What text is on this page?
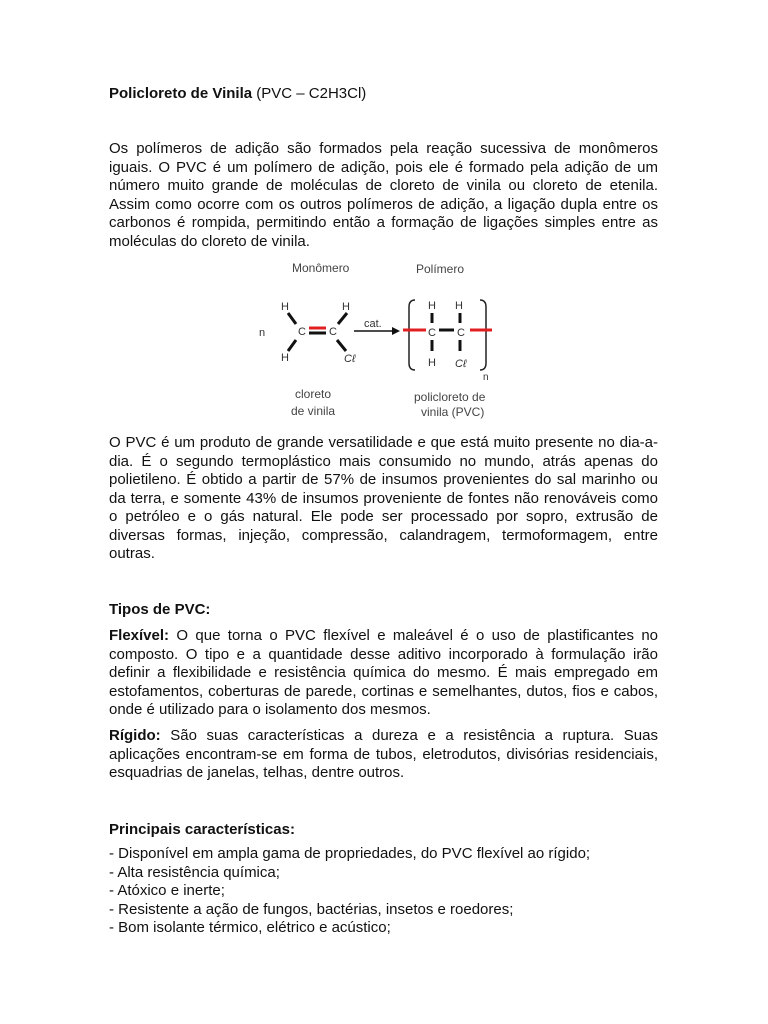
Policloreto de Vinila (PVC – C2H3Cl)

Os polímeros de adição são formados pela reação sucessiva de monômeros iguais. O PVC é um polímero de adição, pois ele é formado pela adição de um número muito grande de moléculas de cloreto de vinila ou cloreto de etenila. Assim como ocorre com os outros polímeros de adição, a ligação dupla entre os carbonos é rompida, permitindo então a formação de ligações simples entre as moléculas do cloreto de vinila.

O PVC é um produto de grande versatilidade e que está muito presente no dia-a-dia. É o segundo termoplástico mais consumido no mundo, atrás apenas do polietileno. É obtido a partir de 57% de insumos provenientes do sal marinho ou da terra, e somente 43% de insumos proveniente de fontes não renováveis como o petróleo e o gás natural. Ele pode ser processado por sopro, extrusão de diversas formas, injeção, compressão, calandragem, termoformagem, entre outras.

Tipos de PVC:

Flexível: O que torna o PVC flexível e maleável é o uso de plastificantes no composto. O tipo e a quantidade desse aditivo incorporado à formulação irão definir a flexibilidade e resistência química do mesmo. É mais empregado em estofamentos, coberturas de parede, cortinas e semelhantes, dutos, fios e cabos, onde é utilizado para o isolamento dos mesmos.

Rígido: São suas características a dureza e a resistência a ruptura. Suas aplicações encontram-se em forma de tubos, eletrodutos, divisórias residenciais, esquadrias de janelas, telhas, dentre outros.

Principais características:
- Disponível em ampla gama de propriedades, do PVC flexível ao rígido;
- Alta resistência química;
- Atóxico e inerte;
- Resistente a ação de fungos, bactérias, insetos e roedores;
- Bom isolante térmico, elétrico e acústico;
Monômero	Polímero
n
H
H
H
Cℓ
C C
cat.
n
H H
H Cℓ
C C
cloreto
de vinila
policloreto de
vinila (PVC)
